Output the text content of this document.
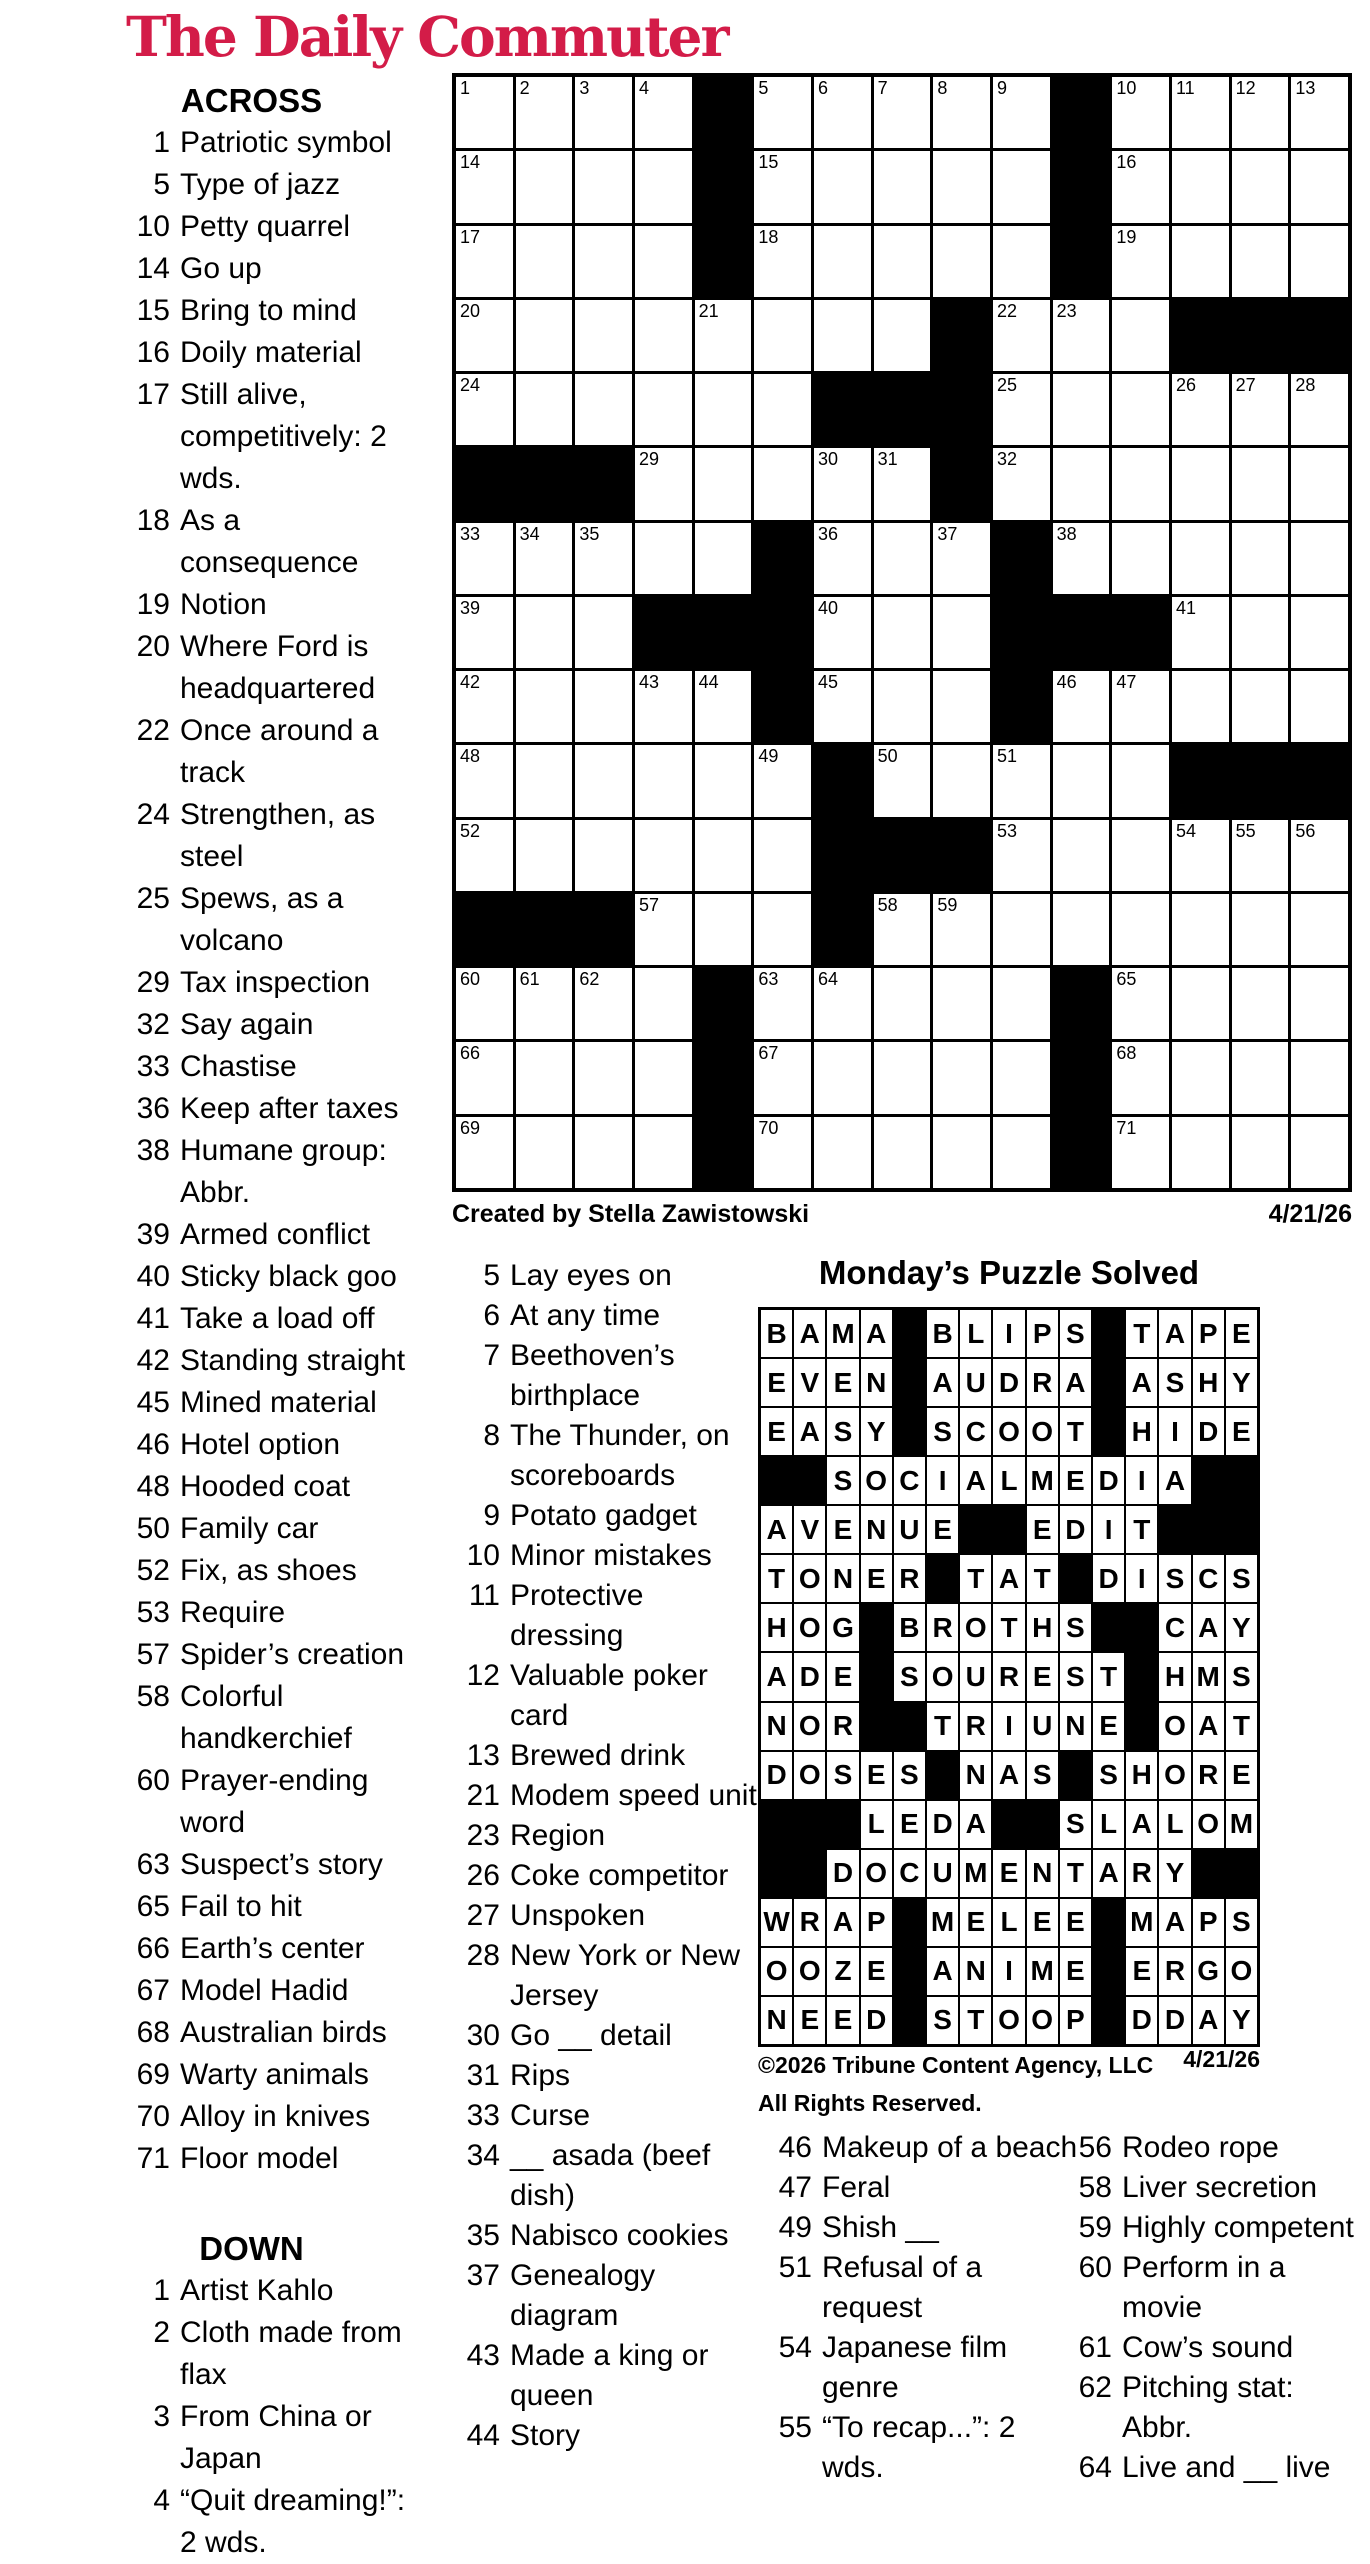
The Daily Commuter
1	2	3	4	5	6	7	8	9	10 11 12 13
14	15	16
17	18	19
20	21	22 23
24	25	26 27 28
29	30 31	32
33 34 35	36	37	38
39	40	41
42	43 44	45	46 47
48	49	50	51
52	53	54 55 56
57	58 59
60 61 62	63 64	65
66	67	68
69	70	71
Created by Stella Zawistowski	4/21/26
ACROSS
1 Patriotic symbol
5 Type of jazz
10 Petty quarrel
14 Go up
15 Bring to mind
16 Doily material
17 Still alive, competitively: 2 wds.
18 As a consequence
19 Notion
20 Where Ford is headquartered
22 Once around a track
24 Strengthen, as steel
25 Spews, as a volcano
29 Tax inspection
32 Say again
33 Chastise
36 Keep after taxes
38 Humane group: Abbr.
39 Armed conflict
40 Sticky black goo
41 Take a load off
42 Standing straight
45 Mined material
46 Hotel option
48 Hooded coat
50 Family car
52 Fix, as shoes
53 Require
57 Spider’s creation
58 Colorful handkerchief
60 Prayer-ending word
63 Suspect’s story
65 Fail to hit
66 Earth’s center
67 Model Hadid
68 Australian birds
69 Warty animals
70 Alloy in knives
71 Floor model
DOWN
1 Artist Kahlo
2 Cloth made from flax
3 From China or Japan
4 “Quit dreaming!”: 2 wds.
5 Lay eyes on
6 At any time
7 Beethoven’s birthplace
8 The Thunder, on scoreboards
9 Potato gadget
10 Minor mistakes
11 Protective dressing
12 Valuable poker card
13 Brewed drink
21 Modem speed unit
23 Region
26 Coke competitor
27 Unspoken
28 New York or New Jersey
30 Go __ detail
31 Rips
33 Curse
34 __ asada (beef dish)
35 Nabisco cookies
37 Genealogy diagram
43 Made a king or queen
44 Story
Monday’s Puzzle Solved
B A M A B L I P S T A P E
E V E N A U D R A A S H Y
E A S Y S C O O T H I D E
S O C I A L M E D I A
A V E N U E	E D I T
T O N E R T A T D I S C S
H O G B R O T H S	C A Y
A D E S O U R E S T H M S
N O R	T R I U N E O A T
D O S E S N A S S H O R E
L E D A	S L A L O M
D O C U M E N T A R Y
W R A P M E L E E M A P S
O O Z E A N I M E E R G O
N E E D S T O O P D D A Y
©2026 Tribune Content Agency, LLC
All Rights Reserved.
4/21/26
46 Makeup of a beach
47 Feral
49 Shish __
51 Refusal of a request
54 Japanese film genre
55 “To recap...”: 2 wds.
56 Rodeo rope
58 Liver secretion
59 Highly competent
60 Perform in a movie
61 Cow’s sound
62 Pitching stat: Abbr.
64 Live and __ live
